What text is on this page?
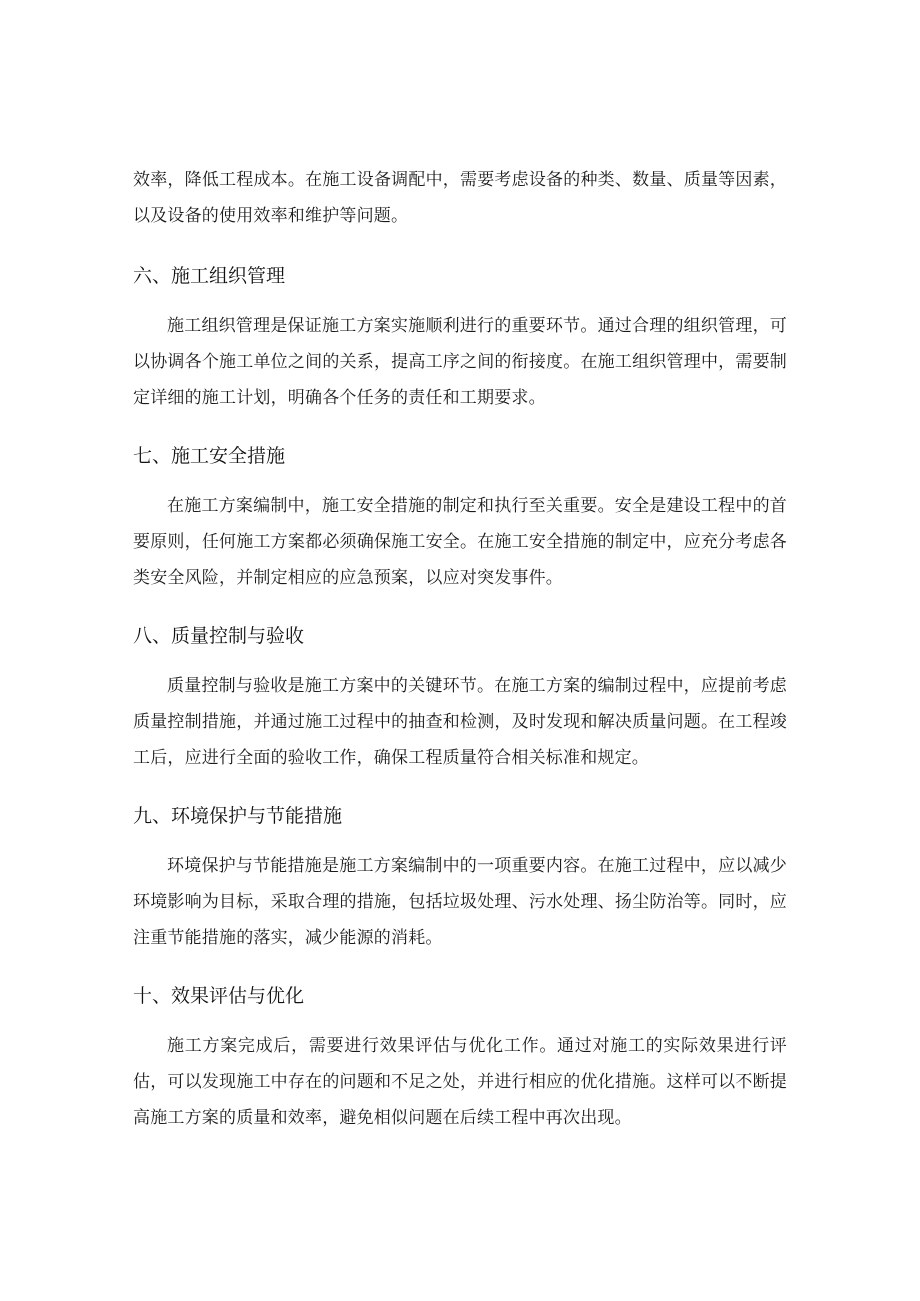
效率，降低工程成本。在施工设备调配中，需要考虑设备的种类、数量、质量等因素，以及设备的使用效率和维护等问题。

六、施工组织管理

施工组织管理是保证施工方案实施顺利进行的重要环节。通过合理的组织管理，可以协调各个施工单位之间的关系，提高工序之间的衔接度。在施工组织管理中，需要制定详细的施工计划，明确各个任务的责任和工期要求。

七、施工安全措施

在施工方案编制中，施工安全措施的制定和执行至关重要。安全是建设工程中的首要原则，任何施工方案都必须确保施工安全。在施工安全措施的制定中，应充分考虑各类安全风险，并制定相应的应急预案，以应对突发事件。

八、质量控制与验收

质量控制与验收是施工方案中的关键环节。在施工方案的编制过程中，应提前考虑质量控制措施，并通过施工过程中的抽查和检测，及时发现和解决质量问题。在工程竣工后，应进行全面的验收工作，确保工程质量符合相关标准和规定。

九、环境保护与节能措施

环境保护与节能措施是施工方案编制中的一项重要内容。在施工过程中，应以减少环境影响为目标，采取合理的措施，包括垃圾处理、污水处理、扬尘防治等。同时，应注重节能措施的落实，减少能源的消耗。

十、效果评估与优化

施工方案完成后，需要进行效果评估与优化工作。通过对施工的实际效果进行评估，可以发现施工中存在的问题和不足之处，并进行相应的优化措施。这样可以不断提高施工方案的质量和效率，避免相似问题在后续工程中再次出现。
